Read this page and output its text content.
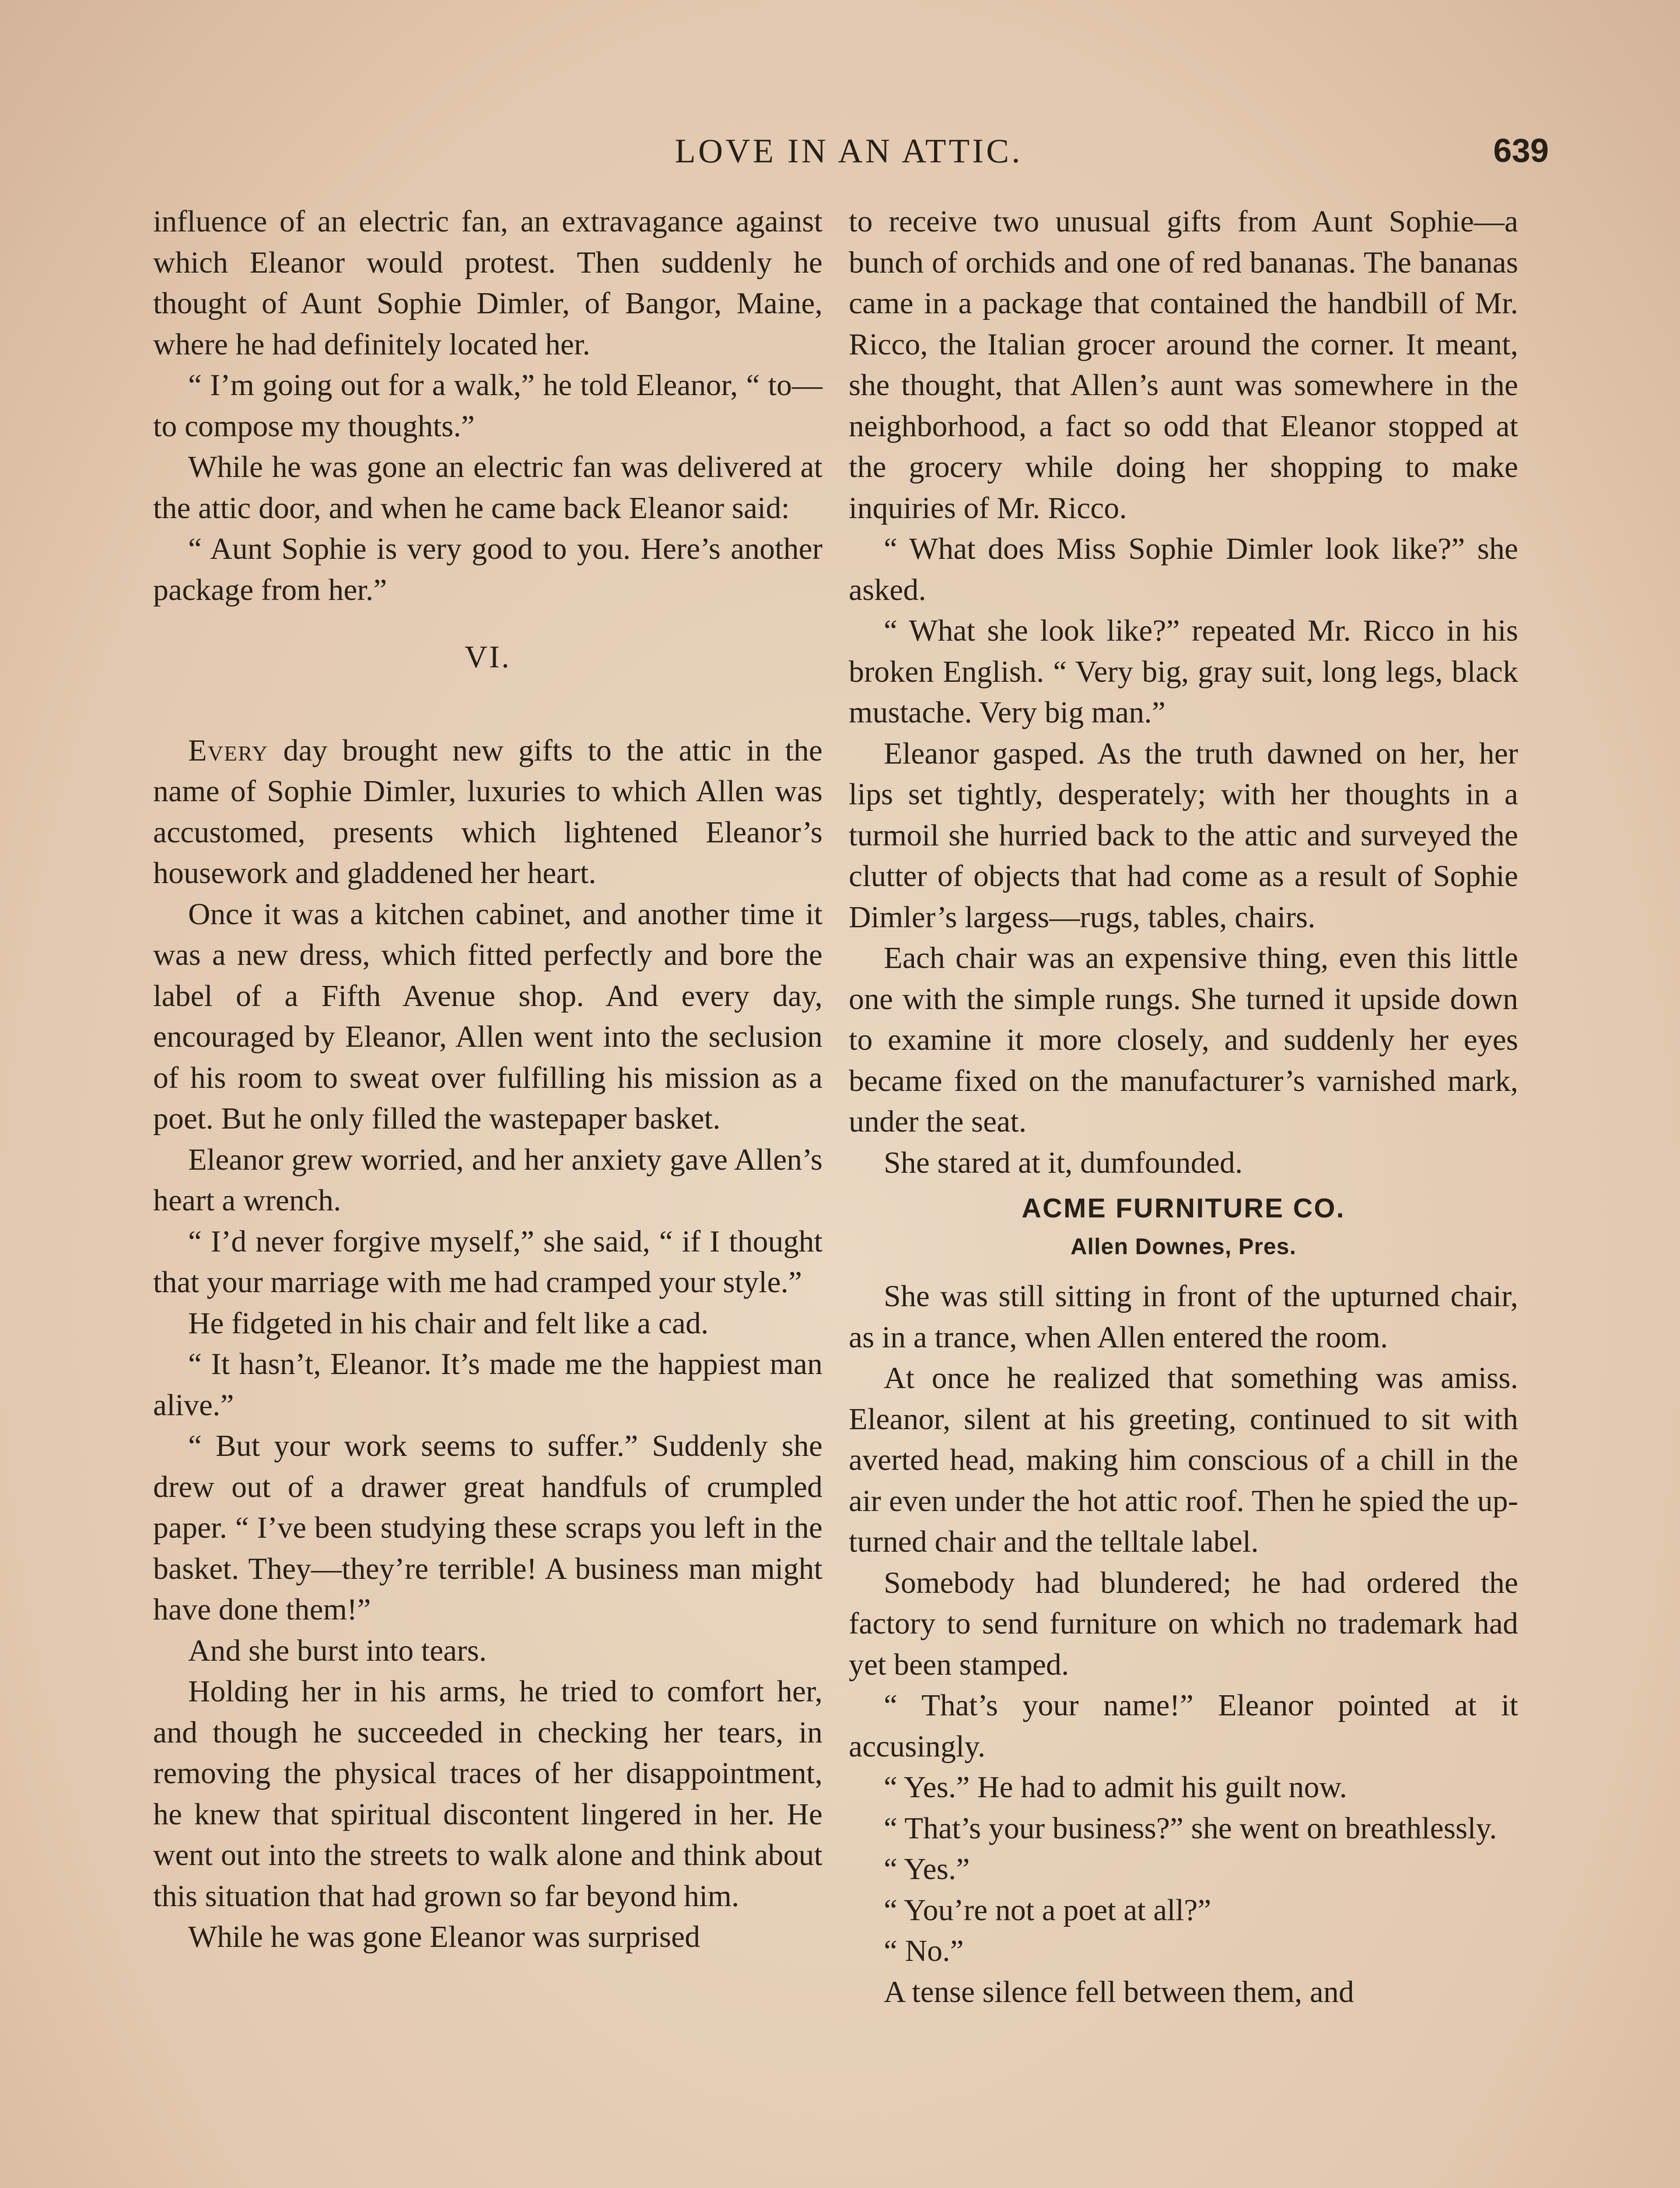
LOVE IN AN ATTIC.	639

influence of an electric fan, an extravagance against which Eleanor would protest. Then suddenly he thought of Aunt Sophie Dimler, of Bangor, Maine, where he had definitely located her.

“ I’m going out for a walk,” he told Eleanor, “ to—to compose my thoughts.”

While he was gone an electric fan was delivered at the attic door, and when he came back Eleanor said:

“ Aunt Sophie is very good to you. Here’s another package from her.”

VI.

Every day brought new gifts to the attic in the name of Sophie Dimler, luxuries to which Allen was accustomed, presents which lightened Eleanor’s housework and gladdened her heart.

Once it was a kitchen cabinet, and another time it was a new dress, which fitted perfectly and bore the label of a Fifth Avenue shop. And every day, encouraged by Eleanor, Allen went into the seclusion of his room to sweat over fulfilling his mission as a poet. But he only filled the wastepaper basket.

Eleanor grew worried, and her anxiety gave Allen’s heart a wrench.

“ I’d never forgive myself,” she said, “ if I thought that your marriage with me had cramped your style.”

He fidgeted in his chair and felt like a cad.

“ It hasn’t, Eleanor. It’s made me the happiest man alive.”

“ But your work seems to suffer.” Suddenly she drew out of a drawer great handfuls of crumpled paper. “ I’ve been studying these scraps you left in the basket. They—they’re terrible! A business man might have done them!”

And she burst into tears.

Holding her in his arms, he tried to comfort her, and though he succeeded in checking her tears, in removing the physical traces of her disappointment, he knew that spiritual discontent lingered in her. He went out into the streets to walk alone and think about this situation that had grown so far beyond him.

While he was gone Eleanor was surprised

to receive two unusual gifts from Aunt Sophie—a bunch of orchids and one of red bananas. The bananas came in a package that contained the handbill of Mr. Ricco, the Italian grocer around the corner. It meant, she thought, that Allen’s aunt was somewhere in the neighborhood, a fact so odd that Eleanor stopped at the grocery while doing her shopping to make inquiries of Mr. Ricco.

“ What does Miss Sophie Dimler look like?” she asked.

“ What she look like?” repeated Mr. Ricco in his broken English. “ Very big, gray suit, long legs, black mustache. Very big man.”

Eleanor gasped. As the truth dawned on her, her lips set tightly, desperately; with her thoughts in a turmoil she hurried back to the attic and surveyed the clutter of objects that had come as a result of Sophie Dimler’s largess—rugs, tables, chairs.

Each chair was an expensive thing, even this little one with the simple rungs. She turned it upside down to examine it more closely, and suddenly her eyes became fixed on the manufacturer’s varnished mark, under the seat.

She stared at it, dumfounded.

ACME FURNITURE CO.
Allen Downes, Pres.

She was still sitting in front of the upturned chair, as in a trance, when Allen entered the room.

At once he realized that something was amiss. Eleanor, silent at his greeting, continued to sit with averted head, making him conscious of a chill in the air even under the hot attic roof. Then he spied the upturned chair and the telltale label.

Somebody had blundered; he had ordered the factory to send furniture on which no trademark had yet been stamped.

“ That’s your name!” Eleanor pointed at it accusingly.

“ Yes.” He had to admit his guilt now.

“ That’s your business?” she went on breathlessly.

“ Yes.”

“ You’re not a poet at all?”

“ No.”

A tense silence fell between them, and
